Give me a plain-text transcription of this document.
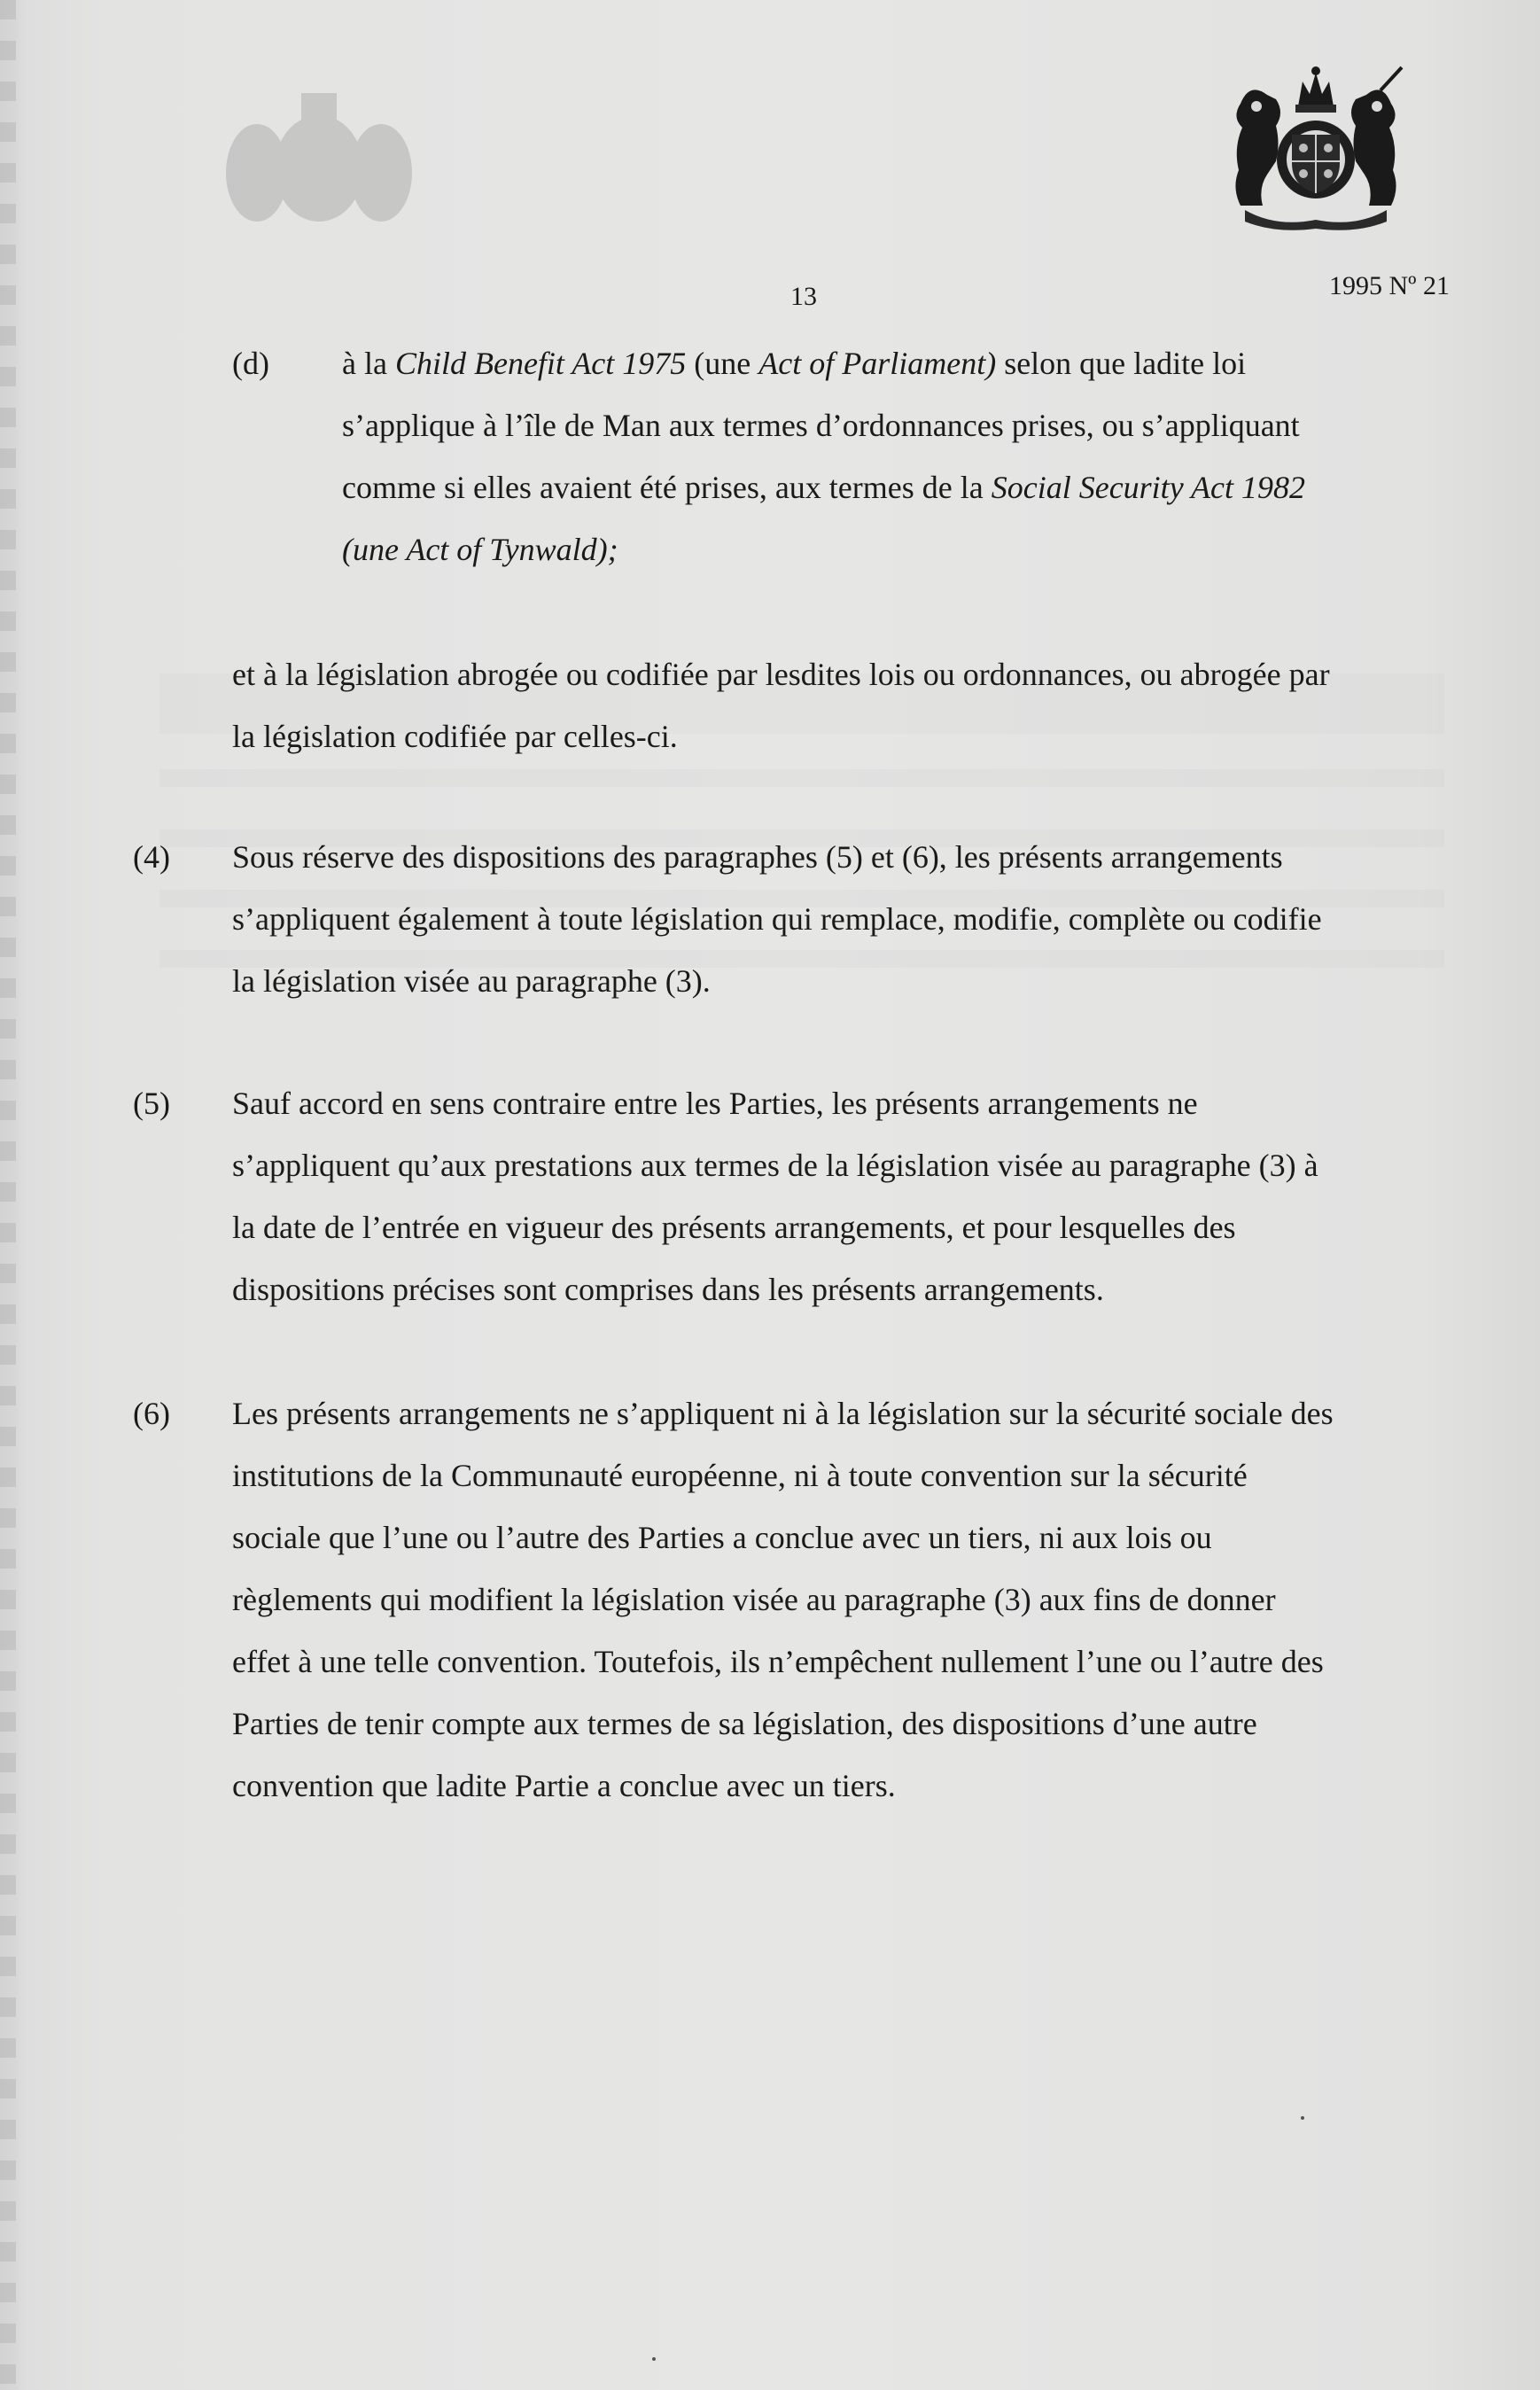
13	1995 Nº 21
(d) à la Child Benefit Act 1975 (une Act of Parliament) selon que ladite loi
s’applique à l’île de Man aux termes d’ordonnances prises, ou s’appliquant
comme si elles avaient été prises, aux termes de la Social Security Act 1982
(une Act of Tynwald);
et à la législation abrogée ou codifiée par lesdites lois ou ordonnances, ou abrogée par
la législation codifiée par celles-ci.
(4) Sous réserve des dispositions des paragraphes (5) et (6), les présents arrangements
s’appliquent également à toute législation qui remplace, modifie, complète ou codifie
la législation visée au paragraphe (3).
(5) Sauf accord en sens contraire entre les Parties, les présents arrangements ne
s’appliquent qu’aux prestations aux termes de la législation visée au paragraphe (3) à
la date de l’entrée en vigueur des présents arrangements, et pour lesquelles des
dispositions précises sont comprises dans les présents arrangements.
(6) Les présents arrangements ne s’appliquent ni à la législation sur la sécurité sociale des
institutions de la Communauté européenne, ni à toute convention sur la sécurité
sociale que l’une ou l’autre des Parties a conclue avec un tiers, ni aux lois ou
règlements qui modifient la législation visée au paragraphe (3) aux fins de donner
effet à une telle convention. Toutefois, ils n’empêchent nullement l’une ou l’autre des
Parties de tenir compte aux termes de sa législation, des dispositions d’une autre
convention que ladite Partie a conclue avec un tiers.
